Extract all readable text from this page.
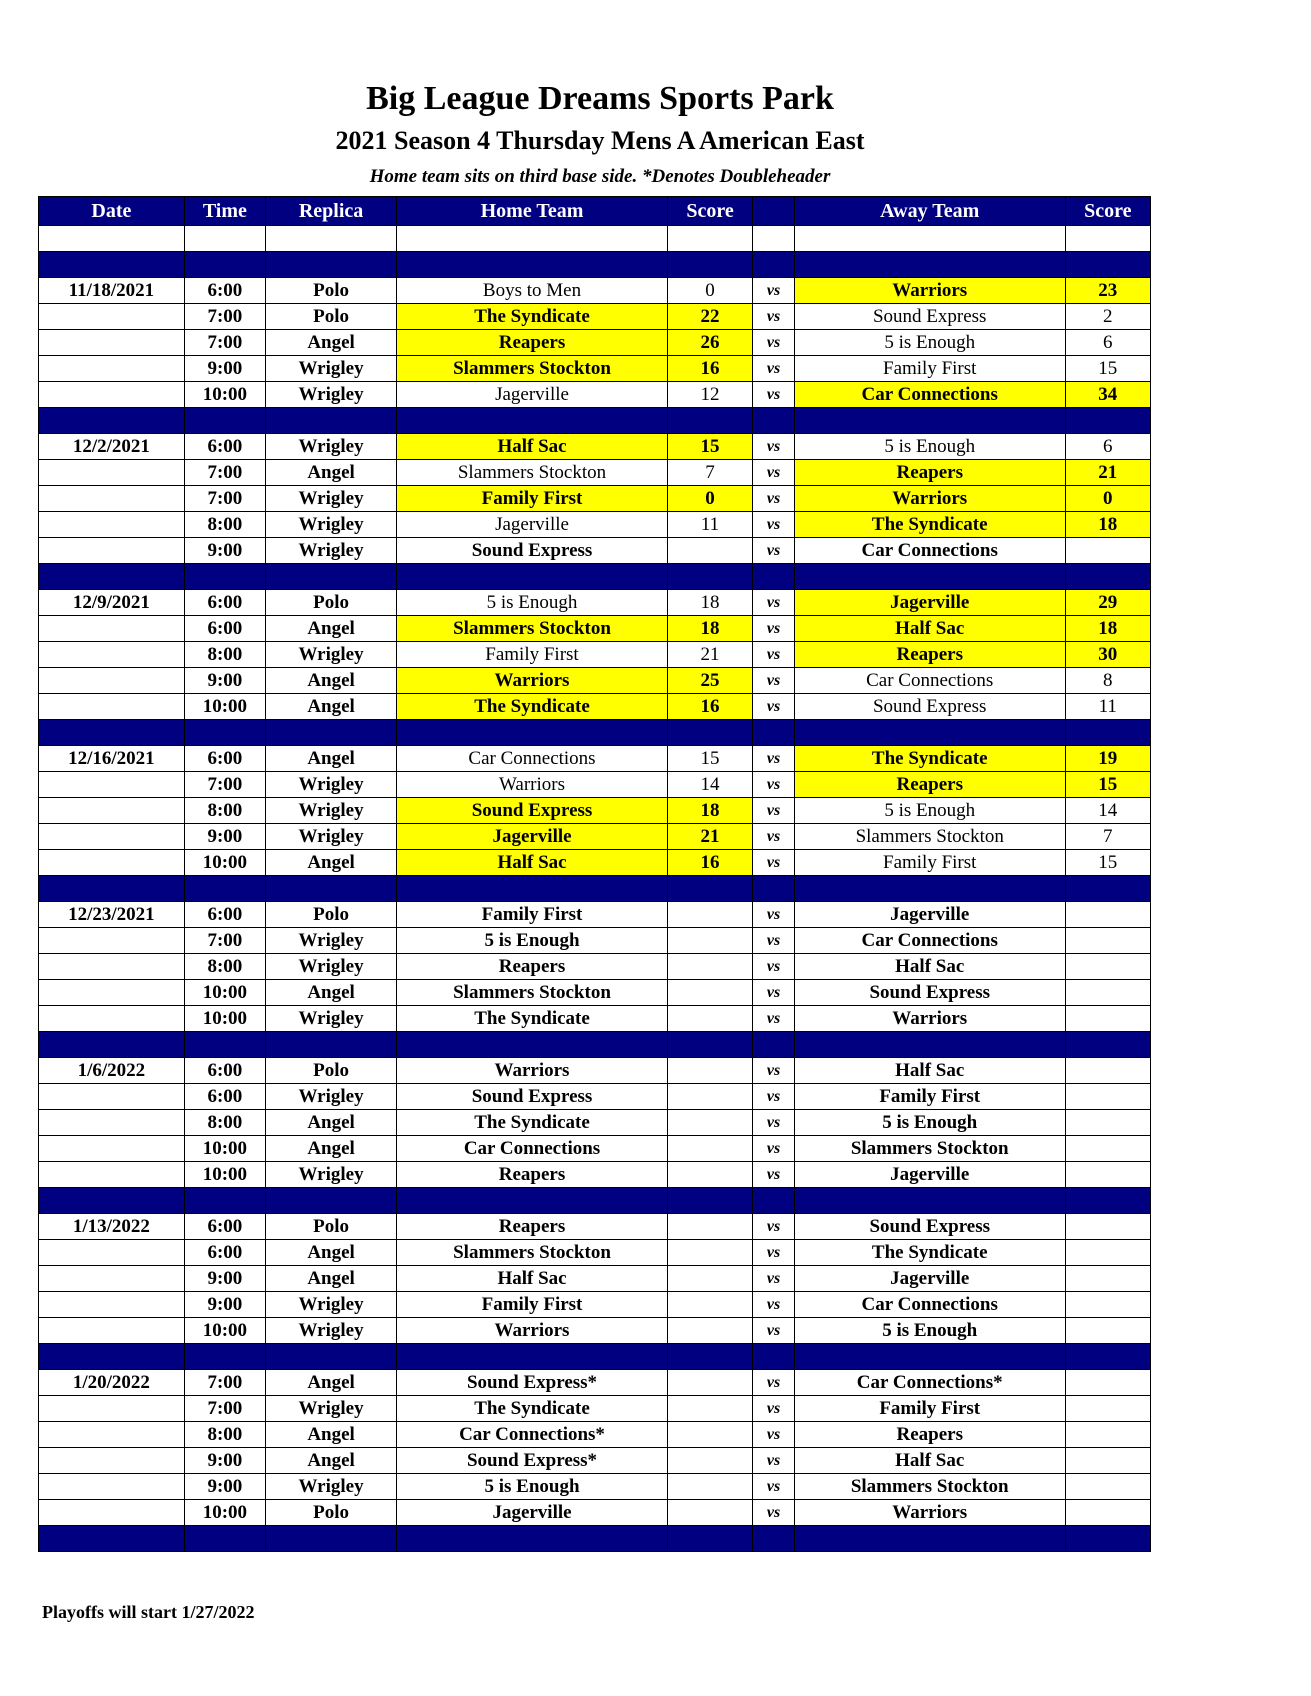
Big League Dreams Sports Park
2021 Season 4 Thursday Mens A American East
Home team sits on third base side. *Denotes Doubleheader
Date	Time	Replica	Home Team	Score		Away Team	Score

11/18/2021	6:00	Polo	Boys to Men	0	vs	Warriors	23
	7:00	Polo	The Syndicate	22	vs	Sound Express	2
	7:00	Angel	Reapers	26	vs	5 is Enough	6
	9:00	Wrigley	Slammers Stockton	16	vs	Family First	15
	10:00	Wrigley	Jagerville	12	vs	Car Connections	34

12/2/2021	6:00	Wrigley	Half Sac	15	vs	5 is Enough	6
	7:00	Angel	Slammers Stockton	7	vs	Reapers	21
	7:00	Wrigley	Family First	0	vs	Warriors	0
	8:00	Wrigley	Jagerville	11	vs	The Syndicate	18
	9:00	Wrigley	Sound Express		vs	Car Connections	

12/9/2021	6:00	Polo	5 is Enough	18	vs	Jagerville	29
	6:00	Angel	Slammers Stockton	18	vs	Half Sac	18
	8:00	Wrigley	Family First	21	vs	Reapers	30
	9:00	Angel	Warriors	25	vs	Car Connections	8
	10:00	Angel	The Syndicate	16	vs	Sound Express	11

12/16/2021	6:00	Angel	Car Connections	15	vs	The Syndicate	19
	7:00	Wrigley	Warriors	14	vs	Reapers	15
	8:00	Wrigley	Sound Express	18	vs	5 is Enough	14
	9:00	Wrigley	Jagerville	21	vs	Slammers Stockton	7
	10:00	Angel	Half Sac	16	vs	Family First	15

12/23/2021	6:00	Polo	Family First		vs	Jagerville	
	7:00	Wrigley	5 is Enough		vs	Car Connections	
	8:00	Wrigley	Reapers		vs	Half Sac	
	10:00	Angel	Slammers Stockton		vs	Sound Express	
	10:00	Wrigley	The Syndicate		vs	Warriors	

1/6/2022	6:00	Polo	Warriors		vs	Half Sac	
	6:00	Wrigley	Sound Express		vs	Family First	
	8:00	Angel	The Syndicate		vs	5 is Enough	
	10:00	Angel	Car Connections		vs	Slammers Stockton	
	10:00	Wrigley	Reapers		vs	Jagerville	

1/13/2022	6:00	Polo	Reapers		vs	Sound Express	
	6:00	Angel	Slammers Stockton		vs	The Syndicate	
	9:00	Angel	Half Sac		vs	Jagerville	
	9:00	Wrigley	Family First		vs	Car Connections	
	10:00	Wrigley	Warriors		vs	5 is Enough	

1/20/2022	7:00	Angel	Sound Express*		vs	Car Connections*	
	7:00	Wrigley	The Syndicate		vs	Family First	
	8:00	Angel	Car Connections*		vs	Reapers	
	9:00	Angel	Sound Express*		vs	Half Sac	
	9:00	Wrigley	5 is Enough		vs	Slammers Stockton	
	10:00	Polo	Jagerville		vs	Warriors	

Playoffs will start 1/27/2022
